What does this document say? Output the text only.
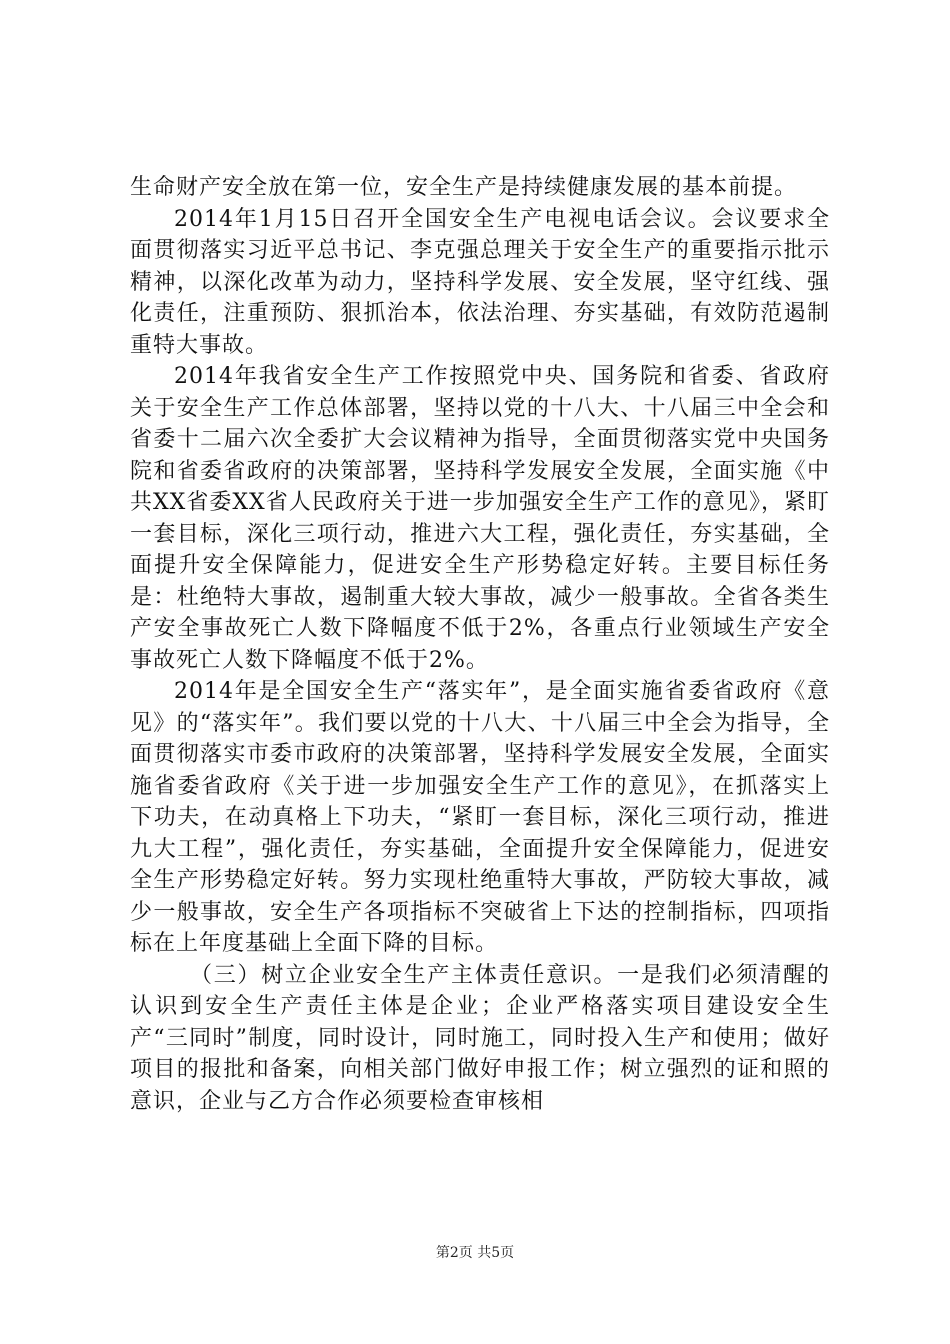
生命财产安全放在第一位，安全生产是持续健康发展的基本前提。

2014年1月15日召开全国安全生产电视电话会议。会议要求全面贯彻落实习近平总书记、李克强总理关于安全生产的重要指示批示精神，以深化改革为动力，坚持科学发展、安全发展，坚守红线、强化责任，注重预防、狠抓治本，依法治理、夯实基础，有效防范遏制重特大事故。

2014年我省安全生产工作按照党中央、国务院和省委、省政府关于安全生产工作总体部署，坚持以党的十八大、十八届三中全会和省委十二届六次全委扩大会议精神为指导，全面贯彻落实党中央国务院和省委省政府的决策部署，坚持科学发展安全发展，全面实施《中共XX省委XX省人民政府关于进一步加强安全生产工作的意见》，紧盯一套目标，深化三项行动，推进六大工程，强化责任，夯实基础，全面提升安全保障能力，促进安全生产形势稳定好转。主要目标任务是：杜绝特大事故，遏制重大较大事故，减少一般事故。全省各类生产安全事故死亡人数下降幅度不低于2%，各重点行业领域生产安全事故死亡人数下降幅度不低于2%。

2014年是全国安全生产“落实年”，是全面实施省委省政府《意见》的“落实年”。我们要以党的十八大、十八届三中全会为指导，全面贯彻落实市委市政府的决策部署，坚持科学发展安全发展，全面实施省委省政府《关于进一步加强安全生产工作的意见》，在抓落实上下功夫，在动真格上下功夫，“紧盯一套目标，深化三项行动，推进九大工程”，强化责任，夯实基础，全面提升安全保障能力，促进安全生产形势稳定好转。努力实现杜绝重特大事故，严防较大事故，减少一般事故，安全生产各项指标不突破省上下达的控制指标，四项指标在上年度基础上全面下降的目标。

（三）树立企业安全生产主体责任意识。一是我们必须清醒的认识到安全生产责任主体是企业；企业严格落实项目建设安全生产“三同时”制度，同时设计，同时施工，同时投入生产和使用；做好项目的报批和备案，向相关部门做好申报工作；树立强烈的证和照的意识，企业与乙方合作必须要检查审核相

第2页 共5页
